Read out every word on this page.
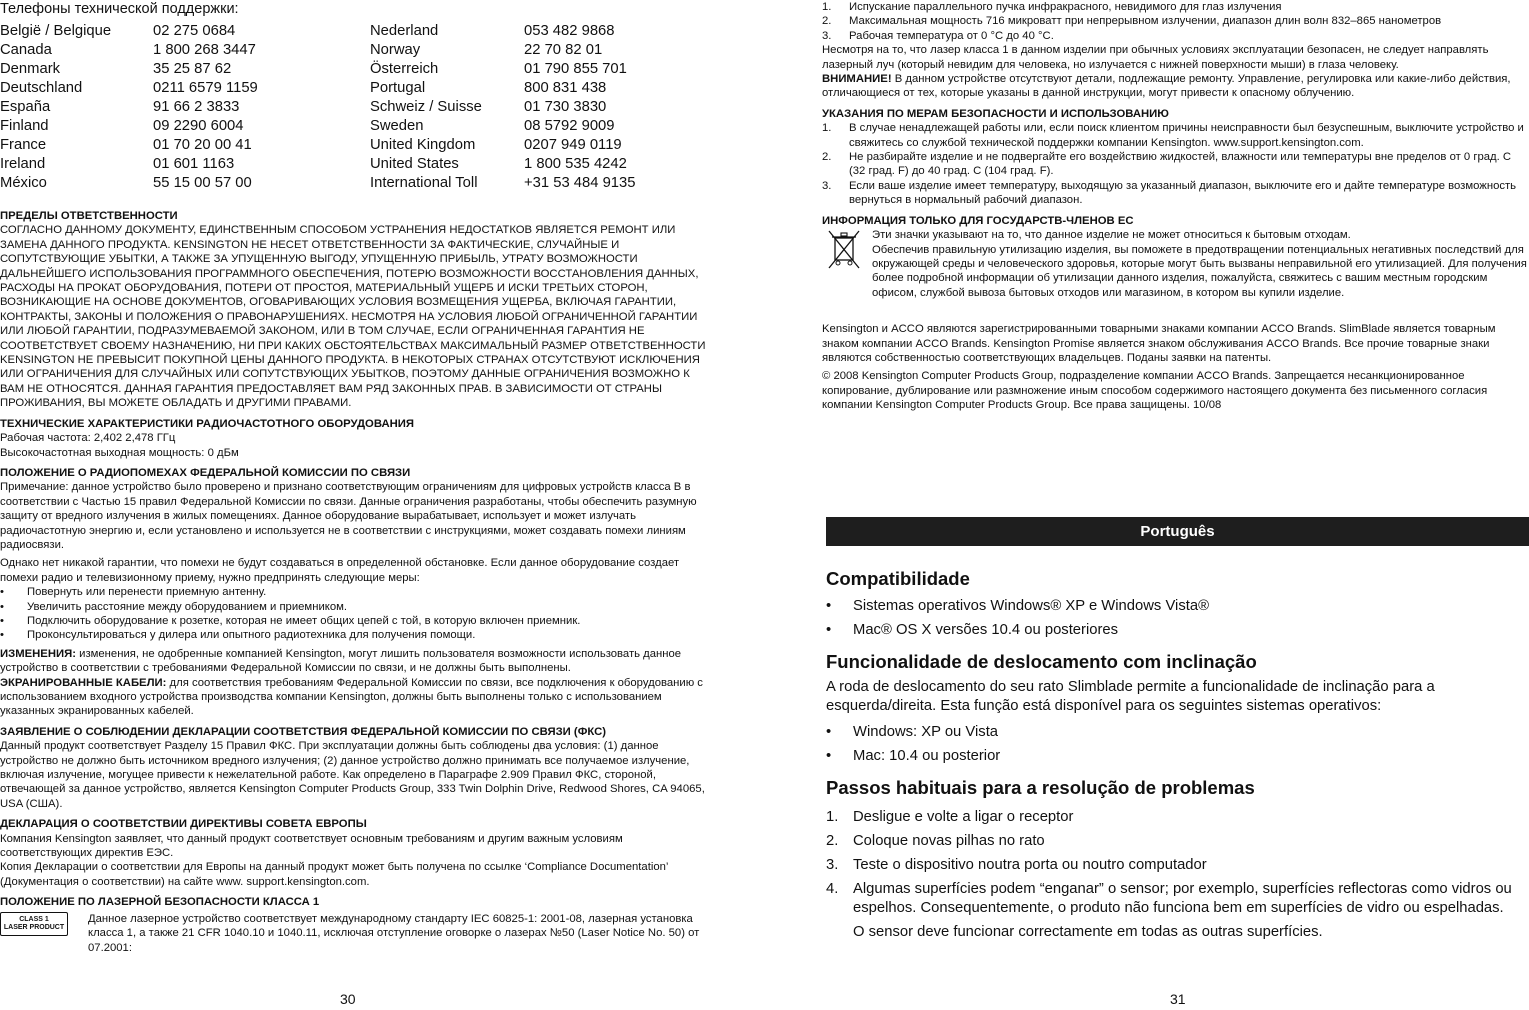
Телефоны технической поддержки:
België / Belgique	02 275 0684	Nederland	053 482 9868
Canada	1 800 268 3447	Norway	22 70 82 01
Denmark	35 25 87 62	Österreich	01 790 855 701
Deutschland	0211 6579 1159	Portugal	800 831 438
España	91 66 2 3833	Schweiz / Suisse	01 730 3830
Finland	09 2290 6004	Sweden	08 5792 9009
France	01 70 20 00 41	United Kingdom	0207 949 0119
Ireland	01 601 1163	United States	1 800 535 4242
México	55 15 00 57 00	International Toll	+31 53 484 9135
ПРЕДЕЛЫ ОТВЕТСТВЕННОСТИ

СОГЛАСНО ДАННОМУ ДОКУМЕНТУ, ЕДИНСТВЕННЫМ СПОСОБОМ УСТРАНЕНИЯ НЕДОСТАТКОВ ЯВЛЯЕТСЯ РЕМОНТ ИЛИ ЗАМЕНА ДАННОГО ПРОДУКТА. KENSINGTON НЕ НЕСЕТ ОТВЕТСТВЕННОСТИ ЗА ФАКТИЧЕСКИЕ, СЛУЧАЙНЫЕ И СОПУТСТВУЮЩИЕ УБЫТКИ, А ТАКЖЕ ЗА УПУЩЕННУЮ ВЫГОДУ, УПУЩЕННУЮ ПРИБЫЛЬ, УТРАТУ ВОЗМОЖНОСТИ ДАЛЬНЕЙШЕГО ИСПОЛЬЗОВАНИЯ ПРОГРАММНОГО ОБЕСПЕЧЕНИЯ, ПОТЕРЮ ВОЗМОЖНОСТИ ВОССТАНОВЛЕНИЯ ДАННЫХ, РАСХОДЫ НА ПРОКАТ ОБОРУДОВАНИЯ, ПОТЕРИ ОТ ПРОСТОЯ, МАТЕРИАЛЬНЫЙ УЩЕРБ И ИСКИ ТРЕТЬИХ СТОРОН, ВОЗНИКАЮЩИЕ НА ОСНОВЕ ДОКУМЕНТОВ, ОГОВАРИВАЮЩИХ УСЛОВИЯ ВОЗМЕЩЕНИЯ УЩЕРБА, ВКЛЮЧАЯ ГАРАНТИИ, КОНТРАКТЫ, ЗАКОНЫ И ПОЛОЖЕНИЯ О ПРАВОНАРУШЕНИЯХ. НЕСМОТРЯ НА УСЛОВИЯ ЛЮБОЙ ОГРАНИЧЕННОЙ ГАРАНТИИ ИЛИ ЛЮБОЙ ГАРАНТИИ, ПОДРАЗУМЕВАЕМОЙ ЗАКОНОМ, ИЛИ В ТОМ СЛУЧАЕ, ЕСЛИ ОГРАНИЧЕННАЯ ГАРАНТИЯ НЕ СООТВЕТСТВУЕТ СВОЕМУ НАЗНАЧЕНИЮ, НИ ПРИ КАКИХ ОБСТОЯТЕЛЬСТВАХ МАКСИМАЛЬНЫЙ РАЗМЕР ОТВЕТСТВЕННОСТИ KENSINGTON НЕ ПРЕВЫСИТ ПОКУПНОЙ ЦЕНЫ ДАННОГО ПРОДУКТА. В НЕКОТОРЫХ СТРАНАХ ОТСУТСТВУЮТ ИСКЛЮЧЕНИЯ ИЛИ ОГРАНИЧЕНИЯ ДЛЯ СЛУЧАЙНЫХ ИЛИ СОПУТСТВУЮЩИХ УБЫТКОВ, ПОЭТОМУ ДАННЫЕ ОГРАНИЧЕНИЯ ВОЗМОЖНО К ВАМ НЕ ОТНОСЯТСЯ. ДАННАЯ ГАРАНТИЯ ПРЕДОСТАВЛЯЕТ ВАМ РЯД ЗАКОННЫХ ПРАВ. В ЗАВИСИМОСТИ ОТ СТРАНЫ ПРОЖИВАНИЯ, ВЫ МОЖЕТЕ ОБЛАДАТЬ И ДРУГИМИ ПРАВАМИ.

ТЕХНИЧЕСКИЕ ХАРАКТЕРИСТИКИ РАДИОЧАСТОТНОГО ОБОРУДОВАНИЯ

Рабочая частота: 2,402 2,478 ГГц

Высокочастотная выходная мощность: 0 дБм

ПОЛОЖЕНИЕ О РАДИОПОМЕХАХ ФЕДЕРАЛЬНОЙ КОМИССИИ ПО СВЯЗИ

Примечание: данное устройство было проверено и признано соответствующим ограничениям для цифровых устройств класса B в соответствии с Частью 15 правил Федеральной Комиссии по связи. Данные ограничения разработаны, чтобы обеспечить разумную защиту от вредного излучения в жилых помещениях. Данное оборудование вырабатывает, использует и может излучать радиочастотную энергию и, если установлено и используется не в соответствии с инструкциями, может создавать помехи линиям радиосвязи.

Однако нет никакой гарантии, что помехи не будут создаваться в определенной обстановке. Если данное оборудование создает помехи радио и телевизионному приему, нужно предпринять следующие меры:

•	Повернуть или перенести приемную антенну.
•	Увеличить расстояние между оборудованием и приемником.
•	Подключить оборудование к розетке, которая не имеет общих цепей с той, в которую включен приемник.
•	Проконсультироваться у дилера или опытного радиотехника для получения помощи.

ИЗМЕНЕНИЯ: изменения, не одобренные компанией Kensington, могут лишить пользователя возможности использовать данное устройство в соответствии с требованиями Федеральной Комиссии по связи, и не должны быть выполнены.

ЭКРАНИРОВАННЫЕ КАБЕЛИ: для соответствия требованиям Федеральной Комиссии по связи, все подключения к оборудованию с использованием входного устройства производства компании Kensington, должны быть выполнены только с использованием указанных экранированных кабелей.

ЗАЯВЛЕНИЕ О СОБЛЮДЕНИИ ДЕКЛАРАЦИИ СООТВЕТСТВИЯ ФЕДЕРАЛЬНОЙ КОМИССИИ ПО СВЯЗИ (ФКС)

Данный продукт соответствует Разделу 15 Правил ФКС. При эксплуатации должны быть соблюдены два условия: (1) данное устройство не должно быть источником вредного излучения; (2) данное устройство должно принимать все получаемое излучение, включая излучение, могущее привести к нежелательной работе. Как определено в Параграфе 2.909 Правил ФКС, стороной, отвечающей за данное устройство, является Kensington Computer Products Group, 333 Twin Dolphin Drive, Redwood Shores, CA 94065, USA (США).

ДЕКЛАРАЦИЯ О СООТВЕТСТВИИ ДИРЕКТИВЫ СОВЕТА ЕВРОПЫ

Компания Kensington заявляет, что данный продукт соответствует основным требованиям и другим важным условиям соответствующих директив ЕЭС.

Копия Декларации о соответствии для Европы на данный продукт может быть получена по ссылке ‘Compliance Documentation’ (Документация о соответствии) на сайте www. support.kensington.com.

ПОЛОЖЕНИЕ ПО ЛАЗЕРНОЙ БЕЗОПАСНОСТИ КЛАССА 1
CLASS 1
LASER PRODUCT

Данное лазерное устройство соответствует международному стандарту IEC 60825-1: 2001-08, лазерная установка класса 1, а также 21 CFR 1040.10 и 1040.11, исключая отступление оговорке о лазерах №50 (Laser Notice No. 50) от 07.2001:

30
1.	Испускание параллельного пучка инфракрасного, невидимого для глаз излучения
2.	Максимальная мощность 716 микроватт при непрерывном излучении, диапазон длин волн 832–865 нанометров
3.	Рабочая температура от 0 °C до 40 °C.

Несмотря на то, что лазер класса 1 в данном изделии при обычных условиях эксплуатации безопасен, не следует направлять лазерный луч (который невидим для человека, но излучается с нижней поверхности мыши) в глаза человеку.

ВНИМАНИЕ! В данном устройстве отсутствуют детали, подлежащие ремонту. Управление, регулировка или какие-либо действия, отличающиеся от тех, которые указаны в данной инструкции, могут привести к опасному облучению.

УКАЗАНИЯ ПО МЕРАМ БЕЗОПАСНОСТИ И ИСПОЛЬЗОВАНИЮ
1.	В случае ненадлежащей работы или, если поиск клиентом причины неисправности был безуспешным, выключите устройство и свяжитесь со службой технической поддержки компании Kensington. www.support.kensington.com.
2.	Не разбирайте изделие и не подвергайте его воздействию жидкостей, влажности или температуры вне пределов от 0 град. C (32 град. F) до 40 град. C (104 град. F).
3.	Если ваше изделие имеет температуру, выходящую за указанный диапазон, выключите его и дайте температуре возможность вернуться в нормальный рабочий диапазон.
ИНФОРМАЦИЯ ТОЛЬКО ДЛЯ ГОСУДАРСТВ-ЧЛЕНОВ ЕС

Эти значки указывают на то, что данное изделие не может относиться к бытовым отходам.

Обеспечив правильную утилизацию изделия, вы поможете в предотвращении потенциальных негативных последствий для окружающей среды и человеческого здоровья, которые могут быть вызваны неправильной его утилизацией. Для получения более подробной информации об утилизации данного изделия, пожалуйста, свяжитесь с вашим местным городским офисом, службой вывоза бытовых отходов или магазином, в котором вы купили изделие.

Kensington и ACCO являются зарегистрированными товарными знаками компании ACCO Brands. SlimBlade является товарным знаком компании ACCO Brands. Kensington Promise является знаком обслуживания ACCO Brands. Все прочие товарные знаки являются собственностью соответствующих владельцев. Поданы заявки на патенты.

© 2008 Kensington Computer Products Group, подразделение компании ACCO Brands. Запрещается несанкционированное копирование, дублирование или размножение иным способом содержимого настоящего документа без письменного согласия компании Kensington Computer Products Group. Все права защищены. 10/08

Português
Compatibilidade
•	Sistemas operativos Windows® XP e Windows Vista®
•	Mac® OS X versões 10.4 ou posteriores
Funcionalidade de deslocamento com inclinação

A roda de deslocamento do seu rato Slimblade permite a funcionalidade de inclinação para a esquerda/direita. Esta função está disponível para os seguintes sistemas operativos:

•	Windows: XP ou Vista
•	Mac: 10.4 ou posterior
Passos habituais para a resolução de problemas
1. Desligue e volte a ligar o receptor
2. Coloque novas pilhas no rato
3. Teste o dispositivo noutra porta ou noutro computador
4. Algumas superfícies podem “enganar” o sensor; por exemplo, superfícies reflectoras como vidros ou espelhos. Consequentemente, o produto não funciona bem em superfícies de vidro ou espelhadas.

O sensor deve funcionar correctamente em todas as outras superfícies.

31
